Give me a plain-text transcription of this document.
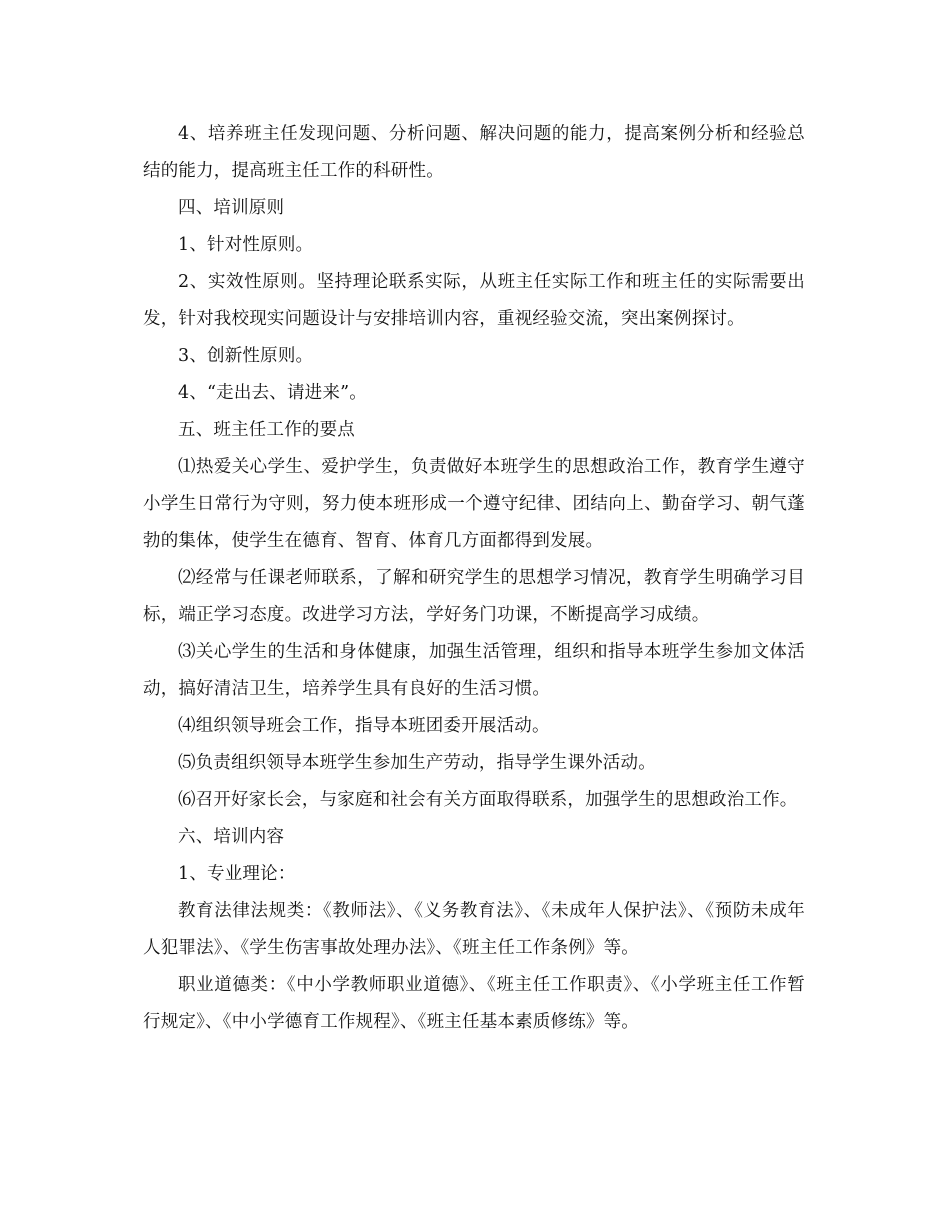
4、培养班主任发现问题、分析问题、解决问题的能力，提高案例分析和经验总结的能力，提高班主任工作的科研性。

四、培训原则

1、针对性原则。

2、实效性原则。坚持理论联系实际，从班主任实际工作和班主任的实际需要出发，针对我校现实问题设计与安排培训内容，重视经验交流，突出案例探讨。

3、创新性原则。

4、“走出去、请进来”。

五、班主任工作的要点

⑴热爱关心学生、爱护学生，负责做好本班学生的思想政治工作，教育学生遵守小学生日常行为守则，努力使本班形成一个遵守纪律、团结向上、勤奋学习、朝气蓬勃的集体，使学生在德育、智育、体育几方面都得到发展。

⑵经常与任课老师联系，了解和研究学生的思想学习情况，教育学生明确学习目标，端正学习态度。改进学习方法，学好务门功课，不断提高学习成绩。

⑶关心学生的生活和身体健康，加强生活管理，组织和指导本班学生参加文体活动，搞好清洁卫生，培养学生具有良好的生活习惯。

⑷组织领导班会工作，指导本班团委开展活动。

⑸负责组织领导本班学生参加生产劳动，指导学生课外活动。

⑹召开好家长会，与家庭和社会有关方面取得联系，加强学生的思想政治工作。

六、培训内容

1、专业理论：

教育法律法规类：《教师法》、《义务教育法》、《未成年人保护法》、《预防未成年人犯罪法》、《学生伤害事故处理办法》、《班主任工作条例》等。

职业道德类：《中小学教师职业道德》、《班主任工作职责》、《小学班主任工作暂行规定》、《中小学德育工作规程》、《班主任基本素质修练》等。
